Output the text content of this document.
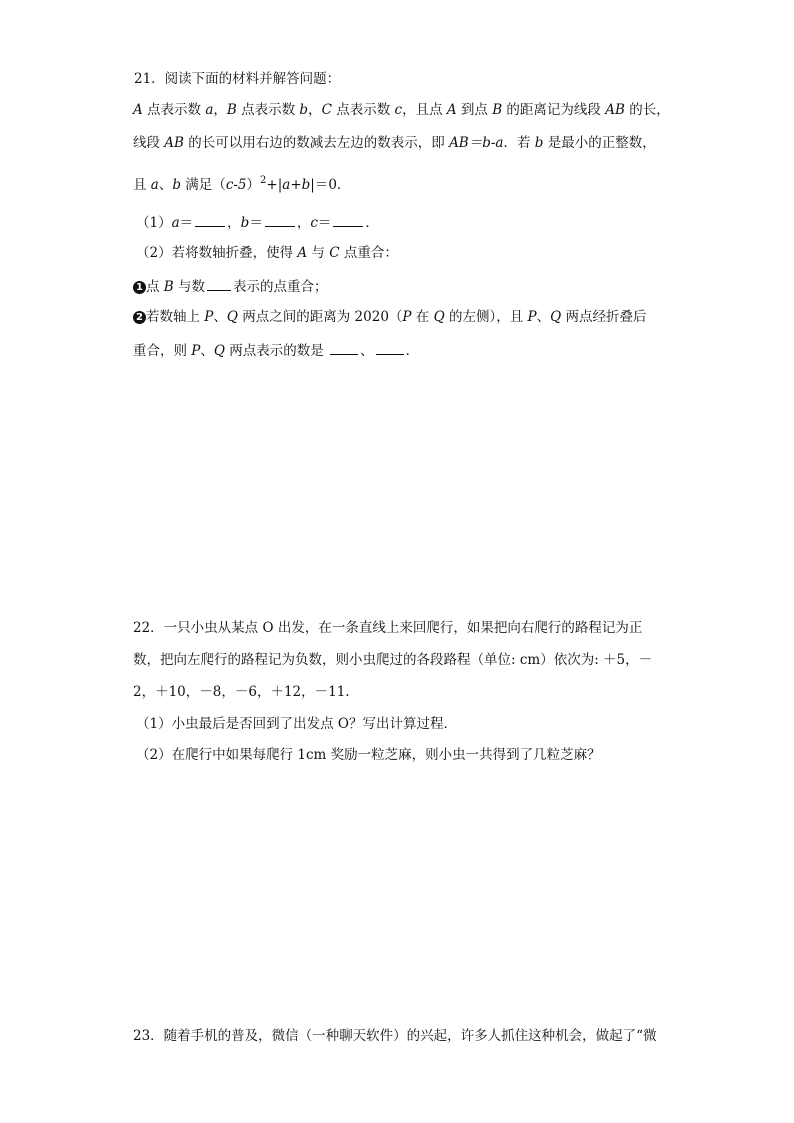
21．阅读下面的材料并解答问题：
A 点表示数 a，B 点表示数 b，C 点表示数 c，且点 A 到点 B 的距离记为线段 AB 的长，
线段 AB 的长可以用右边的数减去左边的数表示，即 AB＝b-a．若 b 是最小的正整数，
且 a、b 满足$(c-5)^2+|a+b|=0$．
（1）a＝	，b＝	，c＝	．
（2）若将数轴折叠，使得 A 与 C 点重合：
1 点 B 与数 表示的点重合；
2 若数轴上 P、Q 两点之间的距离为 2020（P 在 Q 的左侧），且 P、Q 两点经折叠后
重合，则 P、Q 两点表示的数是 、 ．
22．一只小虫从某点 O 出发，在一条直线上来回爬行，如果把向右爬行的路程记为正
数，把向左爬行的路程记为负数，则小虫爬过的各段路程（单位: cm）依次为: ＋5，－
2，＋10，－8，－6，＋12，－11.
（1）小虫最后是否回到了出发点 O？写出计算过程．
（2）在爬行中如果每爬行 1cm 奖励一粒芝麻，则小虫一共得到了几粒芝麻？
23．随着手机的普及，微信（一种聊天软件）的兴起，许多人抓住这种机会，做起了“微
